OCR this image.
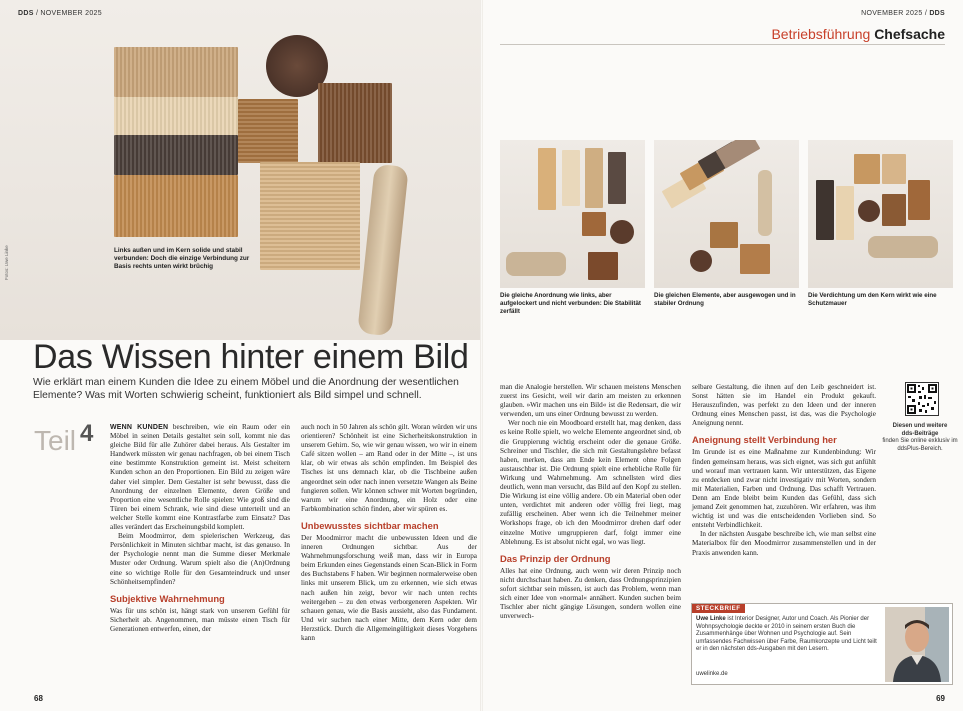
Links außen und im Kern solide und stabil verbunden: Doch die einzige Verbindung zur Basis rechts unten wirkt brüchig
Fotos: Uwe Linke
DDS / NOVEMBER 2025	NOVEMBER 2025 / DDS
Betriebsführung Chefsache
Die gleiche Anordnung wie links, aber aufgelockert und nicht verbunden: Die Stabilität zerfällt
Die gleichen Elemente, aber ausgewogen und in stabiler Ordnung
Die Verdichtung um den Kern wirkt wie eine Schutzmauer
Das Wissen hinter einem Bild
Wie erklärt man einem Kunden die Idee zu einem Möbel und die Anordnung der wesentlichen Elemente? Was mit Worten schwierig scheint, funktioniert als Bild simpel und schnell.
Teil 4 WENN KUNDEN beschreiben, wie ein Raum oder ein Möbel in seinen Details gestaltet sein soll, kommt nie das gleiche Bild für alle Zuhörer dabei heraus. Als Gestalter im Handwerk müssten wir genau nachfragen, ob bei einem Tisch eine bestimmte Konstruktion gemeint ist. Meist scheitern Kunden schon an den Proportionen. Ein Bild zu zeigen wäre daher viel simpler. Dem Gestalter ist sehr bewusst, dass die Anordnung der einzelnen Elemente, deren Größe und Proportion eine wesentliche Rolle spielen: Wie groß sind die Türen bei einem Schrank, wie sind diese unterteilt und an welcher Stelle kommt eine Kontrastfarbe zum Einsatz? Das alles verändert das Erscheinungsbild komplett.

Beim Moodmirror, dem spielerischen Werkzeug, das Persönlichkeit in Minuten sichtbar macht, ist das genauso. In der Psychologie nennt man die Summe dieser Merkmale Muster oder Ordnung. Warum spielt also die (An)Ordnung eine so wichtige Rolle für den Gesamteindruck und unser Schönheitsempfinden?

Subjektive Wahrnehmung

Was für uns schön ist, hängt stark von unserem Gefühl für Sicherheit ab. Angenommen, man müsste einen Tisch für Generationen entwerfen, einen, der

auch noch in 50 Jahren als schön gilt. Woran würden wir uns orientieren? Schönheit ist eine Sicherheitskonstruktion in unserem Gehirn. So, wie wir genau wissen, wo wir in einem Café sitzen wollen – am Rand oder in der Mitte –, ist uns klar, ob wir etwas als schön empfinden. Im Beispiel des Tisches ist uns demnach klar, ob die Tischbeine außen angeordnet sein oder nach innen versetzte Wangen als Beine fungieren sollen. Wir können schwer mit Worten begründen, warum wir eine Anordnung, ein Holz oder eine Farbkombination schön finden, aber wir spüren es.

Unbewusstes sichtbar machen

Der Moodmirror macht die unbewussten Ideen und die inneren Ordnungen sichtbar. Aus der Wahrnehmungsforschung weiß man, dass wir in Europa beim Erkunden eines Gegenstands einen Scan-Blick in Form des Buchstabens F haben. Wir beginnen normalerweise oben links mit unserem Blick, um zu erkennen, wie sich etwas nach außen hin zeigt, bevor wir nach unten rechts weitergehen – zu den etwas verborgeneren Aspekten. Wir schauen genau, wie die Basis aussieht, also das Fundament. Und wir suchen nach einer Mitte, dem Kern oder dem Herzstück. Durch die Allgemeingültigkeit dieses Vorgehens kann

man die Analogie herstellen. Wir schauen meistens Menschen zuerst ins Gesicht, weil wir darin am meisten zu erkennen glauben. »Wir machen uns ein Bild« ist die Redensart, die wir verwenden, um uns einer Ordnung bewusst zu werden.

Wer noch nie ein Moodboard erstellt hat, mag denken, dass es keine Rolle spielt, wo welche Elemente angeordnet sind, ob die Gruppierung wichtig erscheint oder die genaue Größe. Schreiner und Tischler, die sich mit Gestaltungslehre befasst haben, merken, dass am Ende kein Element ohne Folgen austauschbar ist. Die Ordnung spielt eine erhebliche Rolle für Wirkung und Wahrnehmung. Am schnellsten wird dies deutlich, wenn man versucht, das Bild auf den Kopf zu stellen. Die Wirkung ist eine völlig andere. Ob ein Material oben oder unten, verdichtet mit anderen oder völlig frei liegt, mag zufällig erscheinen. Aber wenn ich die Teilnehmer meiner Workshops frage, ob ich den Moodmirror drehen darf oder einzelne Motive umgruppieren darf, folgt immer eine Ablehnung. Es ist absolut nicht egal, wo was liegt.

Das Prinzip der Ordnung

Alles hat eine Ordnung, auch wenn wir deren Prinzip noch nicht durchschaut haben. Zu denken, dass Ordnungsprinzipien sofort sichtbar sein müssen, ist auch das Problem, wenn man sich einer Idee von »normal« annähert. Kunden suchen beim Tischler aber nicht gängige Lösungen, sondern wollen eine unverwech-

selbare Gestaltung, die ihnen auf den Leib geschneidert ist. Sonst hätten sie im Handel ein Produkt gekauft. Herauszufinden, was perfekt zu den Ideen und der inneren Ordnung eines Menschen passt, ist das, was die Psychologie Aneignung nennt.

Aneignung stellt Verbindung her

Im Grunde ist es eine Maßnahme zur Kundenbindung: Wir finden gemeinsam heraus, was sich eignet, was sich gut anfühlt und worauf man vertrauen kann. Wir unterstützen, das Eigene zu entdecken und zwar nicht investigativ mit Worten, sondern mit Materialien, Farben und Ordnung. Das schafft Vertrauen. Denn am Ende bleibt beim Kunden das Gefühl, dass sich jemand Zeit genommen hat, zuzuhören. Wir erfahren, was ihm wichtig ist und was die entscheidenden Vorlieben sind. So entsteht Verbindlichkeit.

In der nächsten Ausgabe beschreibe ich, wie man selbst eine Materialbox für den Moodmirror zusammenstellen und in der Praxis anwenden kann.

Diesen und weitere
dds-Beiträge
finden Sie online exklusiv im ddsPlus-Bereich.
STECKBRIEF
Uwe Linke ist Interior Designer, Autor und Coach. Als Pionier der Wohnpsychologie deckte er 2010 in seinem ersten Buch die Zusammenhänge über Wohnen und Psychologie auf. Sein umfassendes Fachwissen über Farbe, Raumkonzepte und Licht teilt er in den nächsten dds-Ausgaben mit den Lesern.
uwelinke.de
68	69
